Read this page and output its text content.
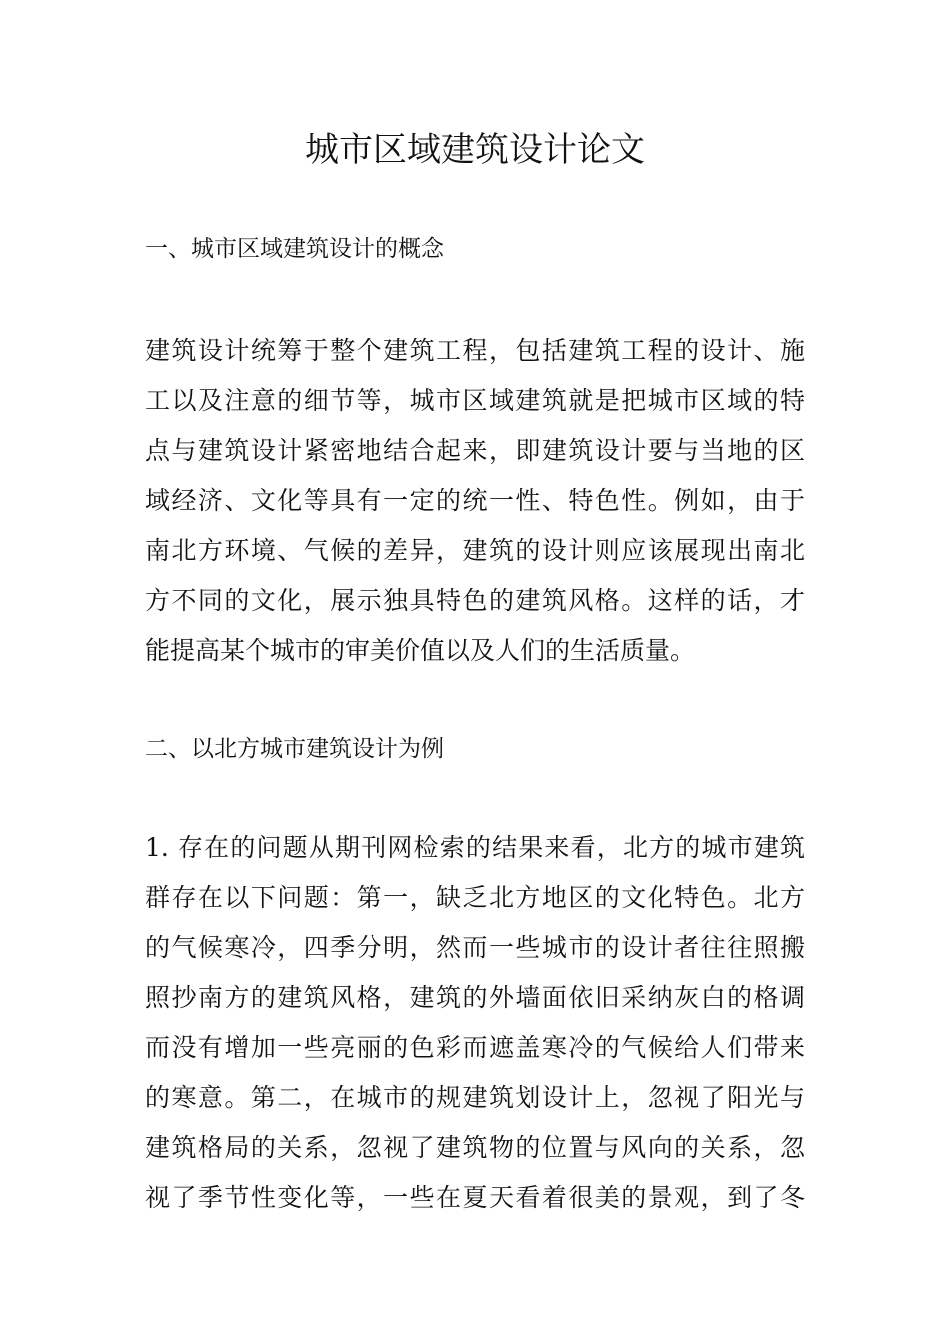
城市区域建筑设计论文
一、城市区域建筑设计的概念
建筑设计统筹于整个建筑工程，包括建筑工程的设计、施
工以及注意的细节等，城市区域建筑就是把城市区域的特
点与建筑设计紧密地结合起来，即建筑设计要与当地的区
域经济、文化等具有一定的统一性、特色性。例如，由于
南北方环境、气候的差异，建筑的设计则应该展现出南北
方不同的文化，展示独具特色的建筑风格。这样的话，才
能提高某个城市的审美价值以及人们的生活质量。
二、以北方城市建筑设计为例
1. 存在的问题从期刊网检索的结果来看，北方的城市建筑
群存在以下问题：第一，缺乏北方地区的文化特色。北方
的气候寒冷，四季分明，然而一些城市的设计者往往照搬
照抄南方的建筑风格，建筑的外墙面依旧采纳灰白的格调
而没有增加一些亮丽的色彩而遮盖寒冷的气候给人们带来
的寒意。第二，在城市的规建筑划设计上，忽视了阳光与
建筑格局的关系，忽视了建筑物的位置与风向的关系，忽
视了季节性变化等，一些在夏天看着很美的景观，到了冬
